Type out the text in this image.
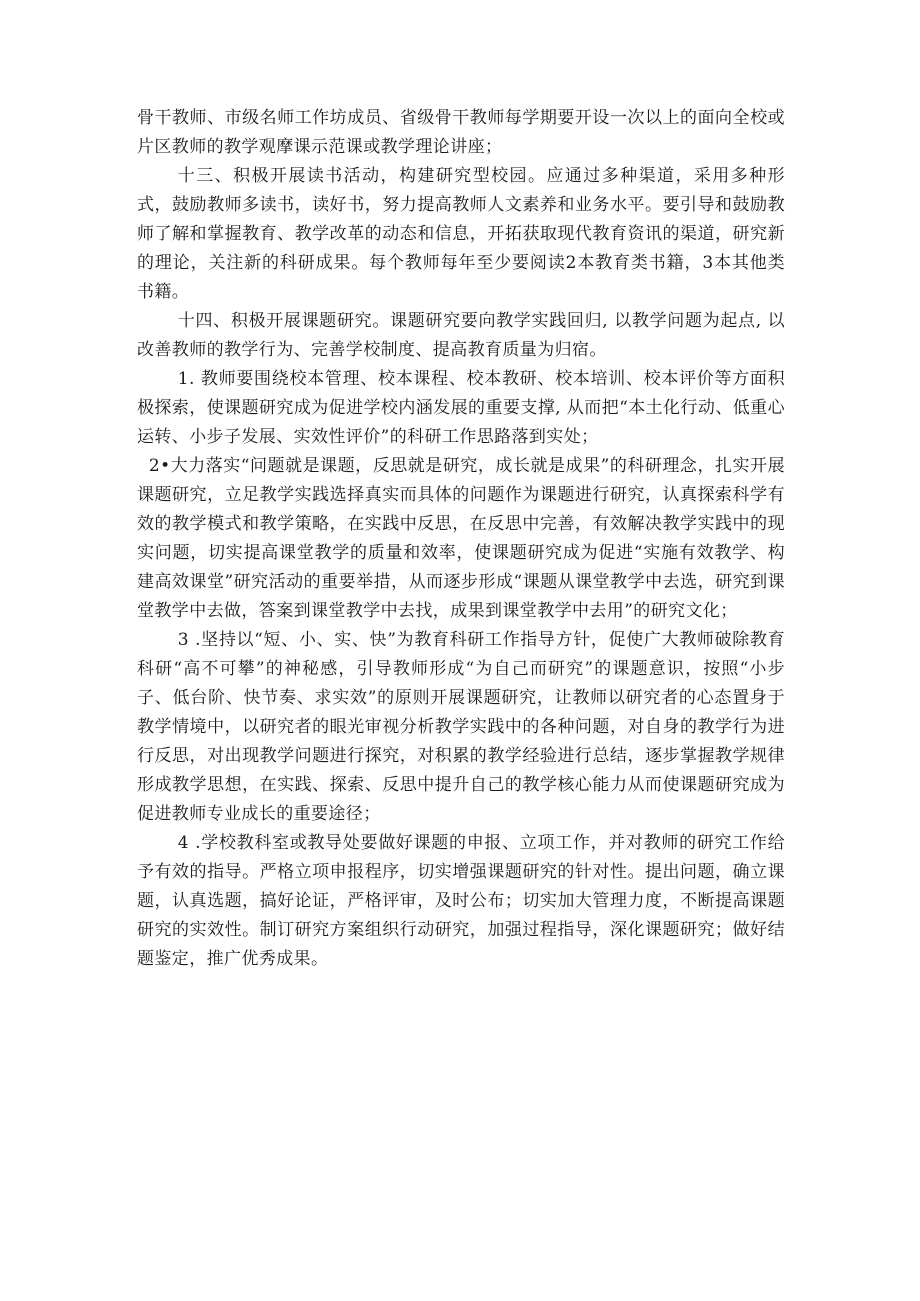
骨干教师、市级名师工作坊成员、省级骨干教师每学期要开设一次以上的面向全校或片区教师的教学观摩课示范课或教学理论讲座；

十三、积极开展读书活动，构建研究型校园。应通过多种渠道，采用多种形式，鼓励教师多读书，读好书，努力提高教师人文素养和业务水平。要引导和鼓励教师了解和掌握教育、教学改革的动态和信息，开拓获取现代教育资讯的渠道，研究新的理论，关注新的科研成果。每个教师每年至少要阅读2本教育类书籍，3本其他类书籍。

十四、积极开展课题研究。课题研究要向教学实践回归, 以教学问题为起点, 以改善教师的教学行为、完善学校制度、提高教育质量为归宿。

1. 教师要围绕校本管理、校本课程、校本教研、校本培训、校本评价等方面积极探索，使课题研究成为促进学校内涵发展的重要支撑, 从而把“本土化行动、低重心运转、小步子发展、实效性评价”的科研工作思路落到实处；

2•大力落实“问题就是课题，反思就是研究，成长就是成果”的科研理念，扎实开展课题研究，立足教学实践选择真实而具体的问题作为课题进行研究，认真探索科学有效的教学模式和教学策略，在实践中反思，在反思中完善，有效解决教学实践中的现实问题，切实提高课堂教学的质量和效率，使课题研究成为促进“实施有效教学、构建高效课堂”研究活动的重要举措，从而逐步形成“课题从课堂教学中去选，研究到课堂教学中去做，答案到课堂教学中去找，成果到课堂教学中去用”的研究文化；

3 .坚持以“短、小、实、快”为教育科研工作指导方针，促使广大教师破除教育科研“高不可攀”的神秘感，引导教师形成“为自己而研究”的课题意识，按照“小步子、低台阶、快节奏、求实效”的原则开展课题研究，让教师以研究者的心态置身于教学情境中，以研究者的眼光审视分析教学实践中的各种问题，对自身的教学行为进行反思，对出现教学问题进行探究，对积累的教学经验进行总结，逐步掌握教学规律形成教学思想，在实践、探索、反思中提升自己的教学核心能力从而使课题研究成为促进教师专业成长的重要途径；

4 .学校教科室或教导处要做好课题的申报、立项工作，并对教师的研究工作给予有效的指导。严格立项申报程序，切实增强课题研究的针对性。提出问题，确立课题，认真选题，搞好论证，严格评审，及时公布；切实加大管理力度，不断提高课题研究的实效性。制订研究方案组织行动研究，加强过程指导，深化课题研究；做好结题鉴定，推广优秀成果。
